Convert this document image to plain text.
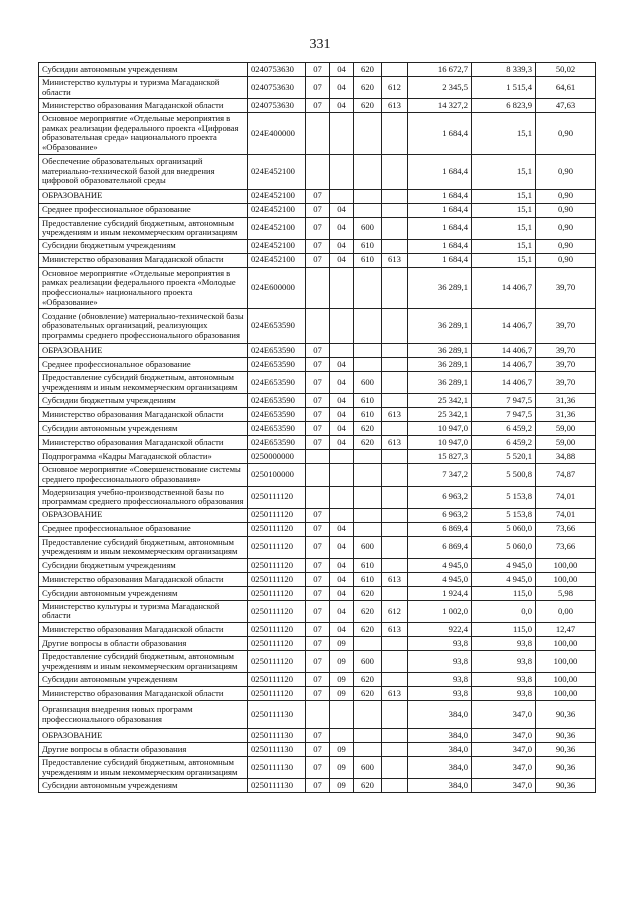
331
Субсидии автономным учреждениям	0240753630	07	04	620		16 672,7	8 339,3	50,02
Министерство культуры и туризма Магаданской области	0240753630	07	04	620	612	2 345,5	1 515,4	64,61
Министерство образования Магаданской области	0240753630	07	04	620	613	14 327,2	6 823,9	47,63
Основное мероприятие «Отдельные мероприятия в рамках реализации федерального проекта «Цифровая образовательная среда» национального проекта «Образование»	024E400000					1 684,4	15,1	0,90
Обеспечение образовательных организаций материально-технической базой для внедрения цифровой образовательной среды	024E452100					1 684,4	15,1	0,90
ОБРАЗОВАНИЕ	024E452100	07				1 684,4	15,1	0,90
Среднее профессиональное образование	024E452100	07	04			1 684,4	15,1	0,90
Предоставление субсидий бюджетным, автономным учреждениям и иным некоммерческим организациям	024E452100	07	04	600		1 684,4	15,1	0,90
Субсидии бюджетным учреждениям	024E452100	07	04	610		1 684,4	15,1	0,90
Министерство образования Магаданской области	024E452100	07	04	610	613	1 684,4	15,1	0,90
Основное мероприятие «Отдельные мероприятия в рамках реализации федерального проекта «Молодые профессионалы» национального проекта «Образование»	024E600000					36 289,1	14 406,7	39,70
Создание (обновление) материально-технической базы образовательных организаций, реализующих программы среднего профессионального образования	024E653590					36 289,1	14 406,7	39,70
ОБРАЗОВАНИЕ	024E653590	07				36 289,1	14 406,7	39,70
Среднее профессиональное образование	024E653590	07	04			36 289,1	14 406,7	39,70
Предоставление субсидий бюджетным, автономным учреждениям и иным некоммерческим организациям	024E653590	07	04	600		36 289,1	14 406,7	39,70
Субсидии бюджетным учреждениям	024E653590	07	04	610		25 342,1	7 947,5	31,36
Министерство образования Магаданской области	024E653590	07	04	610	613	25 342,1	7 947,5	31,36
Субсидии автономным учреждениям	024E653590	07	04	620		10 947,0	6 459,2	59,00
Министерство образования Магаданской области	024E653590	07	04	620	613	10 947,0	6 459,2	59,00
Подпрограмма «Кадры Магаданской области»	0250000000					15 827,3	5 520,1	34,88
Основное мероприятие «Совершенствование системы среднего профессионального образования»	0250100000					7 347,2	5 500,8	74,87
Модернизация учебно-производственной базы по программам среднего профессионального образования	0250111120					6 963,2	5 153,8	74,01
ОБРАЗОВАНИЕ	0250111120	07				6 963,2	5 153,8	74,01
Среднее профессиональное образование	0250111120	07	04			6 869,4	5 060,0	73,66
Предоставление субсидий бюджетным, автономным учреждениям и иным некоммерческим организациям	0250111120	07	04	600		6 869,4	5 060,0	73,66
Субсидии бюджетным учреждениям	0250111120	07	04	610		4 945,0	4 945,0	100,00
Министерство образования Магаданской области	0250111120	07	04	610	613	4 945,0	4 945,0	100,00
Субсидии автономным учреждениям	0250111120	07	04	620		1 924,4	115,0	5,98
Министерство культуры и туризма Магаданской области	0250111120	07	04	620	612	1 002,0	0,0	0,00
Министерство образования Магаданской области	0250111120	07	04	620	613	922,4	115,0	12,47
Другие вопросы в области образования	0250111120	07	09			93,8	93,8	100,00
Предоставление субсидий бюджетным, автономным учреждениям и иным некоммерческим организациям	0250111120	07	09	600		93,8	93,8	100,00
Субсидии автономным учреждениям	0250111120	07	09	620		93,8	93,8	100,00
Министерство образования Магаданской области	0250111120	07	09	620	613	93,8	93,8	100,00
Организация внедрения новых программ профессионального образования	0250111130					384,0	347,0	90,36
ОБРАЗОВАНИЕ	0250111130	07				384,0	347,0	90,36
Другие вопросы в области образования	0250111130	07	09			384,0	347,0	90,36
Предоставление субсидий бюджетным, автономным учреждениям и иным некоммерческим организациям	0250111130	07	09	600		384,0	347,0	90,36
Субсидии автономным учреждениям	0250111130	07	09	620		384,0	347,0	90,36
